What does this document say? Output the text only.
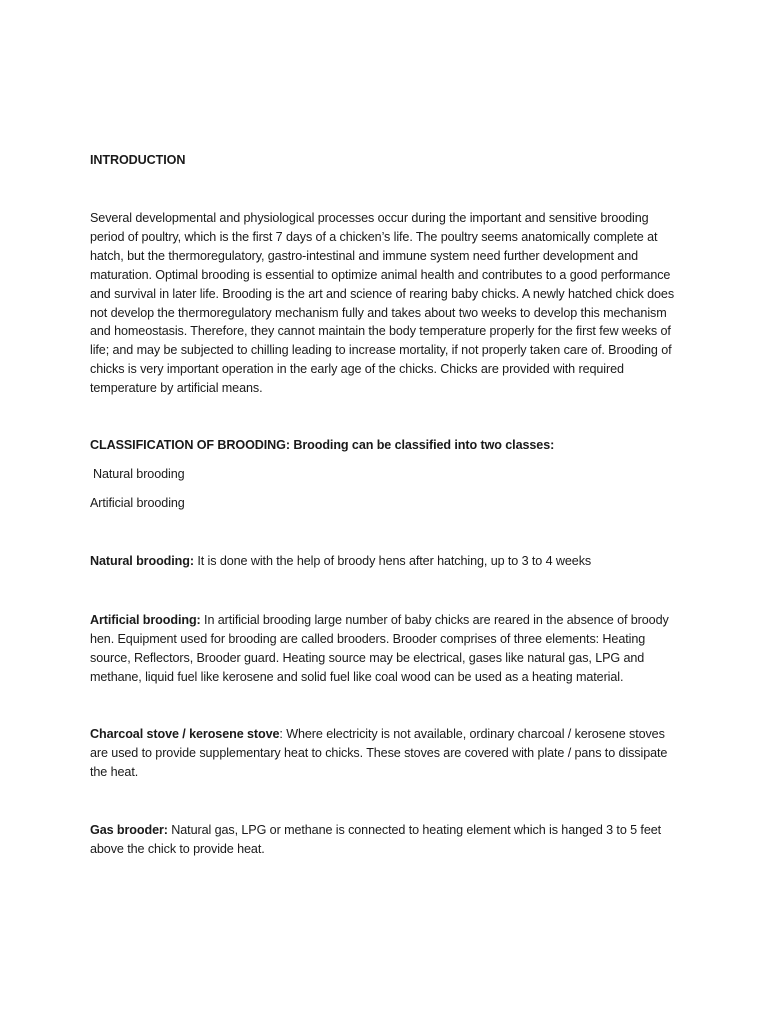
INTRODUCTION

Several developmental and physiological processes occur during the important and sensitive brooding period of poultry, which is the first 7 days of a chicken’s life. The poultry seems anatomically complete at hatch, but the thermoregulatory, gastro-intestinal and immune system need further development and maturation. Optimal brooding is essential to optimize animal health and contributes to a good performance and survival in later life. Brooding is the art and science of rearing baby chicks. A newly hatched chick does not develop the thermoregulatory mechanism fully and takes about two weeks to develop this mechanism and homeostasis. Therefore, they cannot maintain the body temperature properly for the first few weeks of life; and may be subjected to chilling leading to increase mortality, if not properly taken care of. Brooding of chicks is very important operation in the early age of the chicks. Chicks are provided with required temperature by artificial means.

CLASSIFICATION OF BROODING: Brooding can be classified into two classes:

Natural brooding

Artificial brooding

Natural brooding: It is done with the help of broody hens after hatching, up to 3 to 4 weeks

Artificial brooding: In artificial brooding large number of baby chicks are reared in the absence of broody hen. Equipment used for brooding are called brooders. Brooder comprises of three elements: Heating source, Reflectors, Brooder guard. Heating source may be electrical, gases like natural gas, LPG and methane, liquid fuel like kerosene and solid fuel like coal wood can be used as a heating material.

Charcoal stove / kerosene stove: Where electricity is not available, ordinary charcoal / kerosene stoves are used to provide supplementary heat to chicks. These stoves are covered with plate / pans to dissipate the heat.

Gas brooder: Natural gas, LPG or methane is connected to heating element which is hanged 3 to 5 feet above the chick to provide heat.
